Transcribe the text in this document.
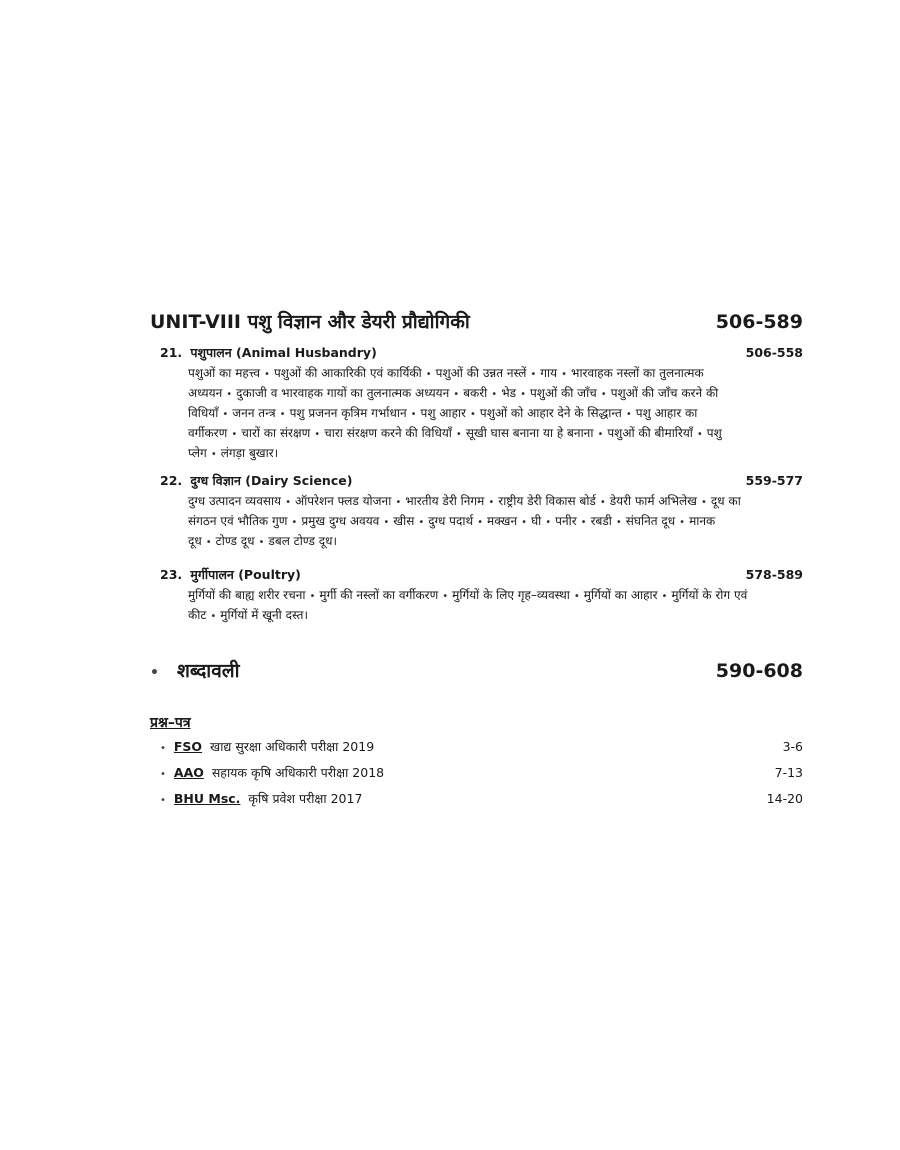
UNIT-VIII पशु विज्ञान और डेयरी प्रौद्योगिकी	506-589
21. पशुपालन (Animal Husbandry)	506-558
पशुओं का महत्त्व • पशुओं की आकारिकी एवं कार्यिकी • पशुओं की उन्नत नस्लें • गाय • भारवाहक नस्लों का तुलनात्मक अध्ययन • दुकाजी व भारवाहक गायों का तुलनात्मक अध्ययन • बकरी • भेड • पशुओं की जाँच • पशुओं की जाँच करने की विधियाँ • जनन तन्त्र • पशु प्रजनन कृत्रिम गर्भाधान • पशु आहार • पशुओं को आहार देने के सिद्धान्त • पशु आहार का वर्गीकरण • चारों का संरक्षण • चारा संरक्षण करने की विधियाँ • सूखी घास बनाना या हे बनाना • पशुओं की बीमारियाँ • पशु प्लेग • लंगड़ा बुखार।
22. दुग्ध विज्ञान (Dairy Science)	559-577
दुग्ध उत्पादन व्यवसाय • ऑपरेशन फ्लड योजना • भारतीय डेरी निगम • राष्ट्रीय डेरी विकास बोर्ड • डेयरी फार्म अभिलेख • दूध का संगठन एवं भौतिक गुण • प्रमुख दुग्ध अवयव • खीस • दुग्ध पदार्थ • मक्खन • घी • पनीर • रबडी • संघनित दूध • मानक दूध • टोण्ड दूध • डबल टोण्ड दूध।
23. मुर्गीपालन (Poultry)	578-589
मुर्गियों की बाह्य शरीर रचना • मुर्गी की नस्लों का वर्गीकरण • मुर्गियों के लिए गृह–व्यवस्था • मुर्गियों का आहार • मुर्गियों के रोग एवं कीट • मुर्गियों में खूनी दस्त।
• शब्दावली	590-608
प्रश्न–पत्र
• FSO खाद्य सुरक्षा अधिकारी परीक्षा 2019	3-6
• AAO सहायक कृषि अधिकारी परीक्षा 2018	7-13
• BHU Msc. कृषि प्रवेश परीक्षा 2017	14-20
